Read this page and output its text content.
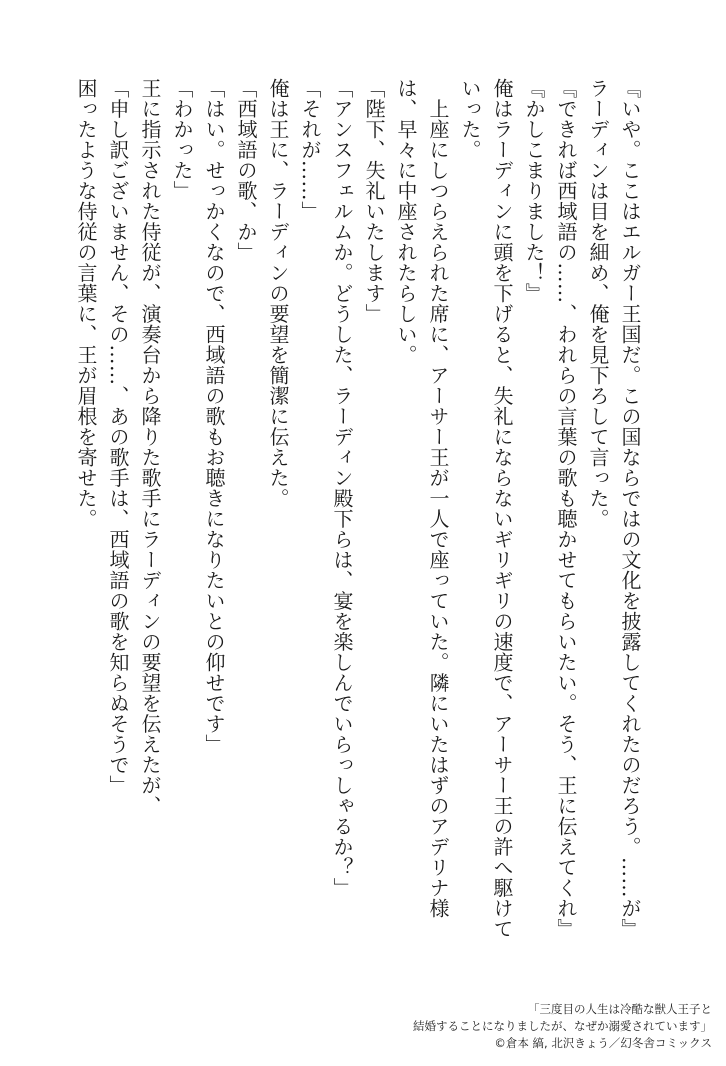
『いや。ここはエルガー王国だ。この国ならではの文化を披露してくれたのだろう。……が』

ラーディンは目を細め、俺を見下ろして言った。

『できれば西域語の……、われらの言葉の歌も聴かせてもらいたい。そう、王に伝えてくれ』

『かしこまりました！』

俺はラーディンに頭を下げると、失礼にならないギリギリの速度で、アーサー王の許へ駆けていった。

　上座にしつらえられた席に、アーサー王が一人で座っていた。隣にいたはずのアデリナ様は、早々に中座されたらしい。

「陛下、失礼いたします」

「アンスフェルムか。どうした、ラーディン殿下らは、宴を楽しんでいらっしゃるか？」

「それが……」

俺は王に、ラーディンの要望を簡潔に伝えた。

「西域語の歌、か」

「はい。せっかくなので、西域語の歌もお聴きになりたいとの仰せです」

「わかった」

王に指示された侍従が、演奏台から降りた歌手にラーディンの要望を伝えたが、

「申し訳ございません、その……、あの歌手は、西域語の歌を知らぬそうで」

困ったような侍従の言葉に、王が眉根を寄せた。

「三度目の人生は冷酷な獣人王子と
結婚することになりましたが、なぜか溺愛されています」
©倉本 縞, 北沢きょう／幻冬舎コミックス
